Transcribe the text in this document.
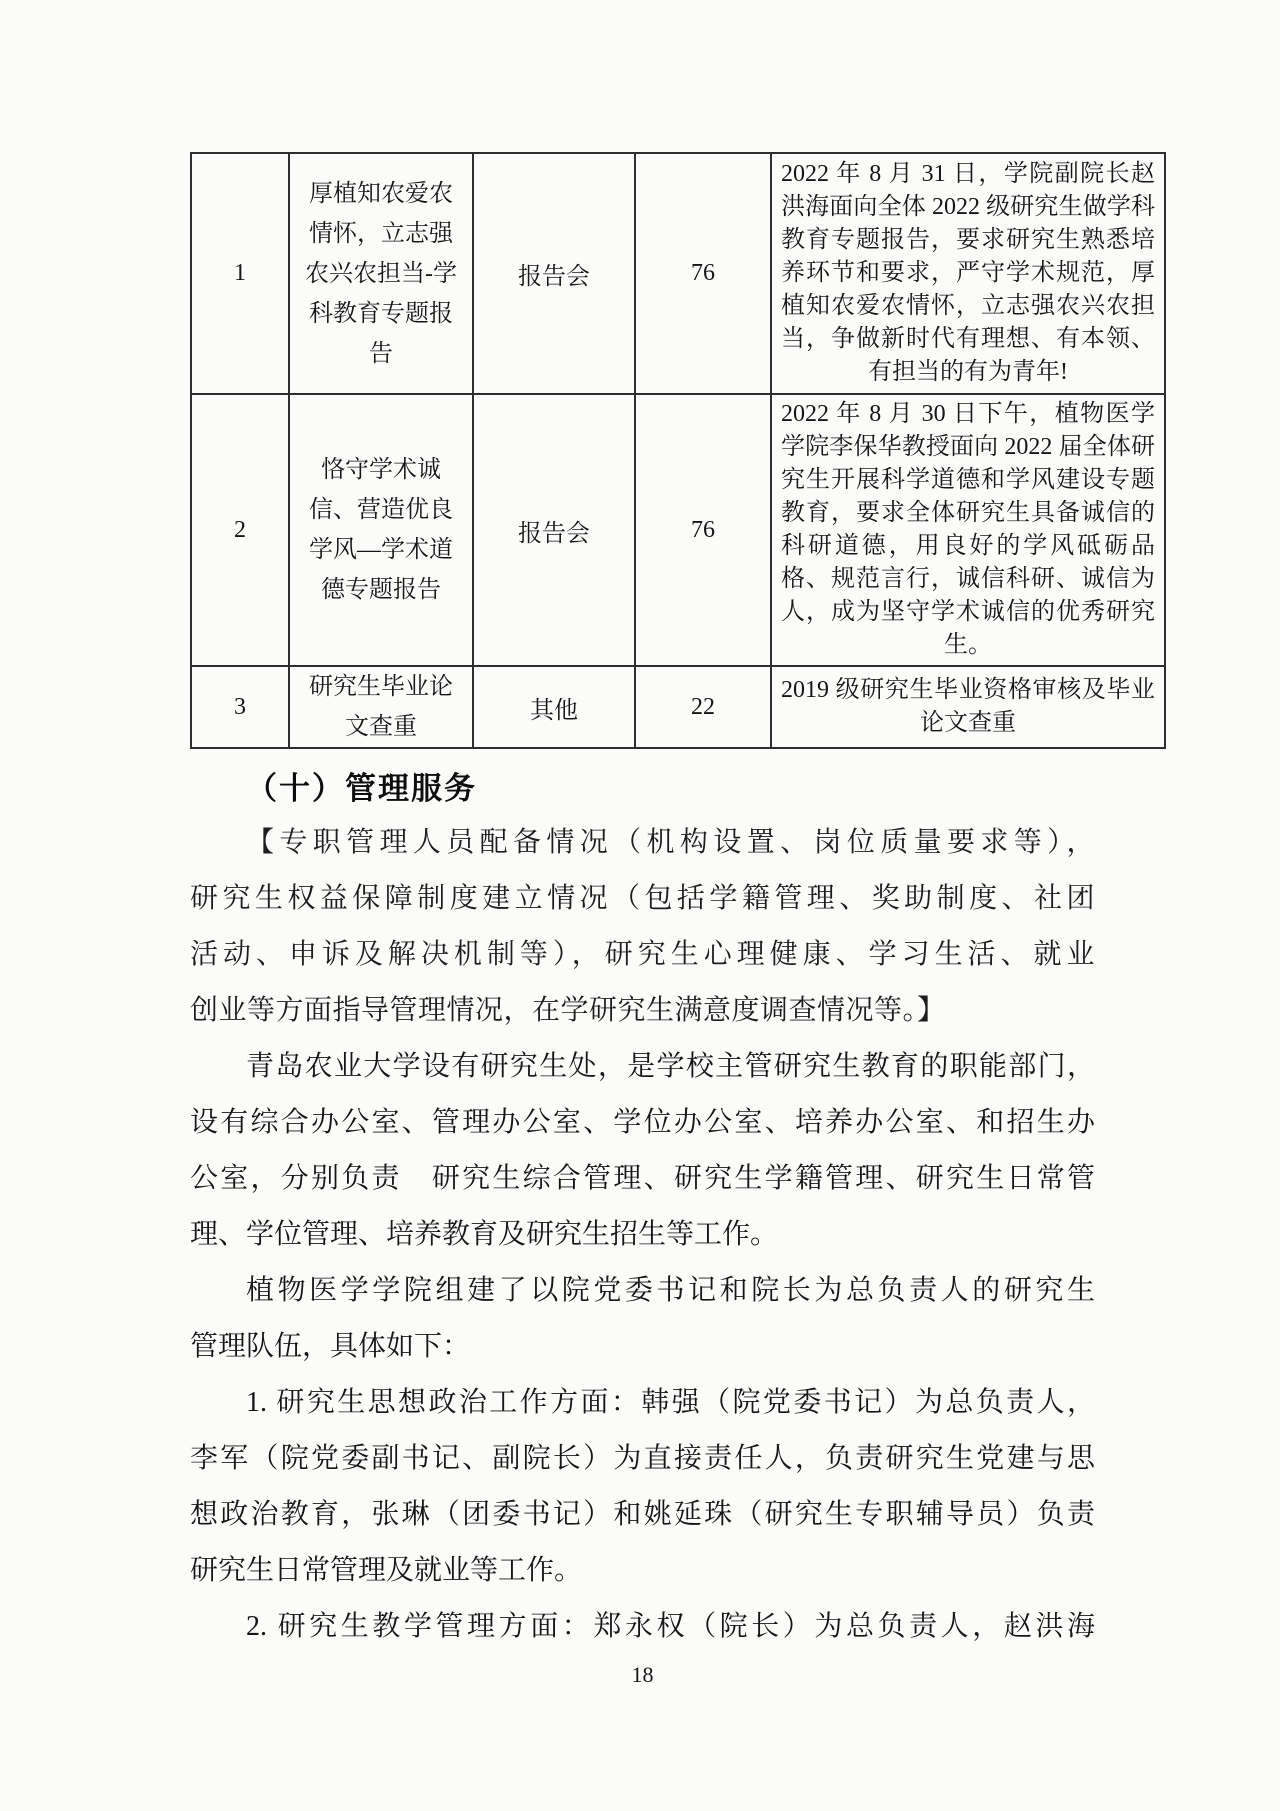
1	厚植知农爱农情怀，立志强农兴农担当-学科教育专题报告	报告会	76	2022 年 8 月 31 日，学院副院长赵洪海面向全体 2022 级研究生做学科教育专题报告，要求研究生熟悉培养环节和要求，严守学术规范，厚植知农爱农情怀，立志强农兴农担当，争做新时代有理想、有本领、有担当的有为青年!
2	恪守学术诚信、营造优良学风—学术道德专题报告	报告会	76	2022 年 8 月 30 日下午，植物医学学院李保华教授面向 2022 届全体研究生开展科学道德和学风建设专题教育，要求全体研究生具备诚信的科研道德，用良好的学风砥砺品格、规范言行，诚信科研、诚信为人，成为坚守学术诚信的优秀研究生。
3	研究生毕业论文查重	其他	22	2019 级研究生毕业资格审核及毕业论文查重
（十）管理服务
【专职管理人员配备情况（机构设置、岗位质量要求等），
研究生权益保障制度建立情况（包括学籍管理、奖助制度、社团
活动、申诉及解决机制等），研究生心理健康、学习生活、就业
创业等方面指导管理情况，在学研究生满意度调查情况等。】
青岛农业大学设有研究生处，是学校主管研究生教育的职能部门，
设有综合办公室、管理办公室、学位办公室、培养办公室、和招生办
公室，分别负责　研究生综合管理、研究生学籍管理、研究生日常管
理、学位管理、培养教育及研究生招生等工作。
植物医学学院组建了以院党委书记和院长为总负责人的研究生
管理队伍，具体如下：
1. 研究生思想政治工作方面：韩强（院党委书记）为总负责人，
李军（院党委副书记、副院长）为直接责任人，负责研究生党建与思
想政治教育，张琳（团委书记）和姚延珠（研究生专职辅导员）负责
研究生日常管理及就业等工作。
2. 研究生教学管理方面：郑永权（院长）为总负责人，赵洪海
18
